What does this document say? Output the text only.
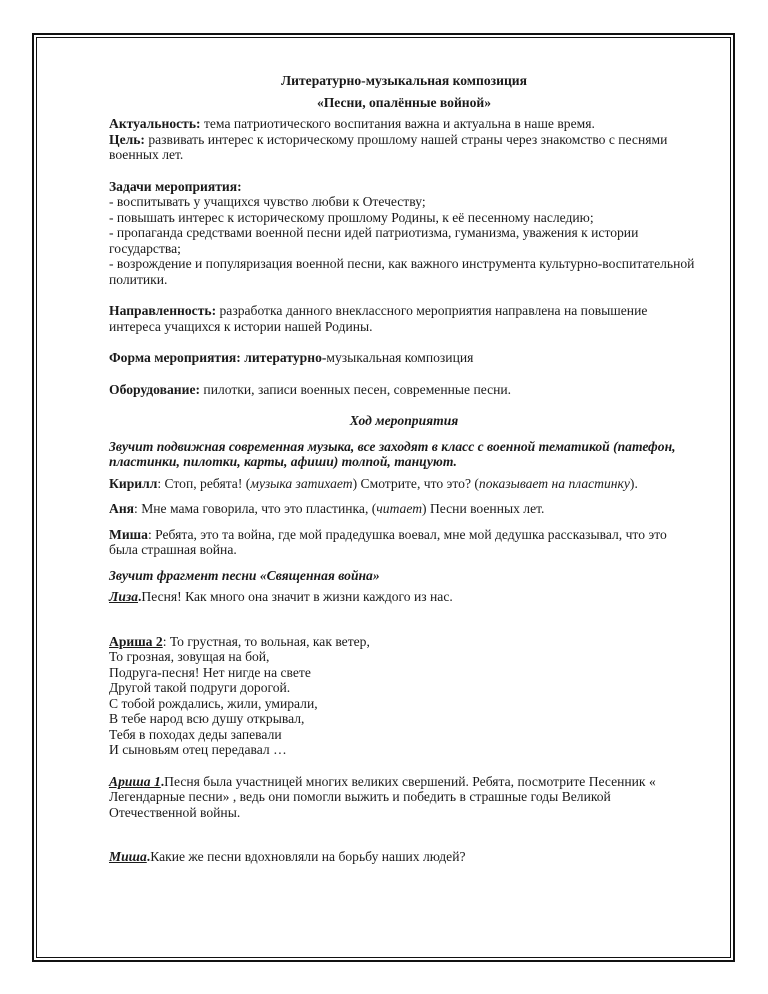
Литературно-музыкальная композиция

«Песни, опалённые войной»

Актуальность: тема патриотического воспитания важна и актуальна в наше время.

Цель: развивать интерес к историческому прошлому нашей страны через знакомство с песнями военных лет.

Задачи мероприятия:

- воспитывать у учащихся чувство любви к Отечеству;

- повышать интерес к историческому прошлому Родины, к её песенному наследию;

- пропаганда средствами военной песни идей патриотизма, гуманизма, уважения к истории государства;

- возрождение и популяризация военной песни, как важного инструмента культурно-воспитательной политики.

Направленность: разработка данного внеклассного мероприятия направлена на повышение интереса учащихся к истории нашей Родины.

Форма мероприятия: литературно-музыкальная композиция

Оборудование: пилотки, записи военных песен, современные песни.

Ход мероприятия

Звучит подвижная современная музыка, все заходят в класс с военной тематикой (патефон, пластинки, пилотки, карты, афиши) толпой, танцуют.

Кирилл: Стоп, ребята! (музыка затихает) Смотрите, что это? (показывает на пластинку).

Аня: Мне мама говорила, что это пластинка, (читает) Песни военных лет.

Миша: Ребята, это та война, где мой прадедушка воевал, мне мой дедушка рассказывал, что это была страшная война.

Звучит фрагмент песни «Священная война»

Лиза.Песня! Как много она значит в жизни каждого из нас.

Ариша 2: То грустная, то вольная, как ветер,

То грозная, зовущая на бой,

Подруга-песня! Нет нигде на свете

Другой такой подруги дорогой.

С тобой рождались, жили, умирали,

В тебе народ всю душу открывал,

Тебя в походах деды запевали

И сыновьям отец передавал …

Ариша 1.Песня была участницей многих великих свершений. Ребята, посмотрите Песенник « Легендарные песни» , ведь они помогли выжить и победить в страшные годы Великой Отечественной войны.

Миша.Какие же песни вдохновляли на борьбу наших людей?
